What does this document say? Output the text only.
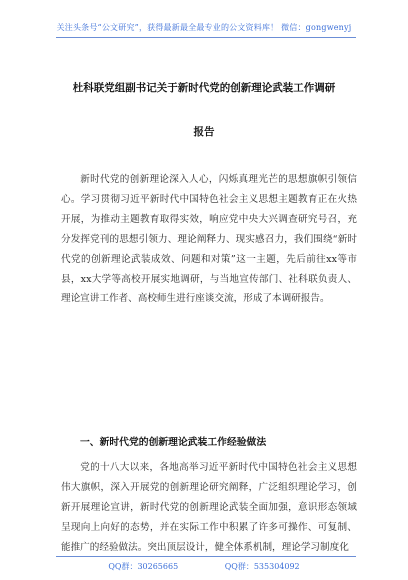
关注头条号“公文研究”，获得最新最全最专业的公文资料库！ 微信：gongwenyj
杜科联党组副书记关于新时代党的创新理论武装工作调研
报告

新时代党的创新理论深入人心，闪烁真理光芒的思想旗帜引领信心。学习贯彻习近平新时代中国特色社会主义思想主题教育正在火热开展，为推动主题教育取得实效，响应党中央大兴调查研究号召，充分发挥党刊的思想引领力、理论阐释力、现实感召力，我们围绕“新时代党的创新理论武装成效、问题和对策”这一主题，先后前往xx等市县，xx大学等高校开展实地调研，与当地宣传部门、社科联负责人、理论宣讲工作者、高校师生进行座谈交流，形成了本调研报告。

一、新时代党的创新理论武装工作经验做法

党的十八大以来，各地高举习近平新时代中国特色社会主义思想伟大旗帜，深入开展党的创新理论研究阐释，广泛组织理论学习，创新开展理论宣讲，新时代党的创新理论武装全面加强，意识形态领域呈现向上向好的态势，并在实际工作中积累了许多可操作、可复制、能推广的经验做法。突出顶层设计，健全体系机制，理论学习制度化

QQ群：30265665	QQ群：535304092
